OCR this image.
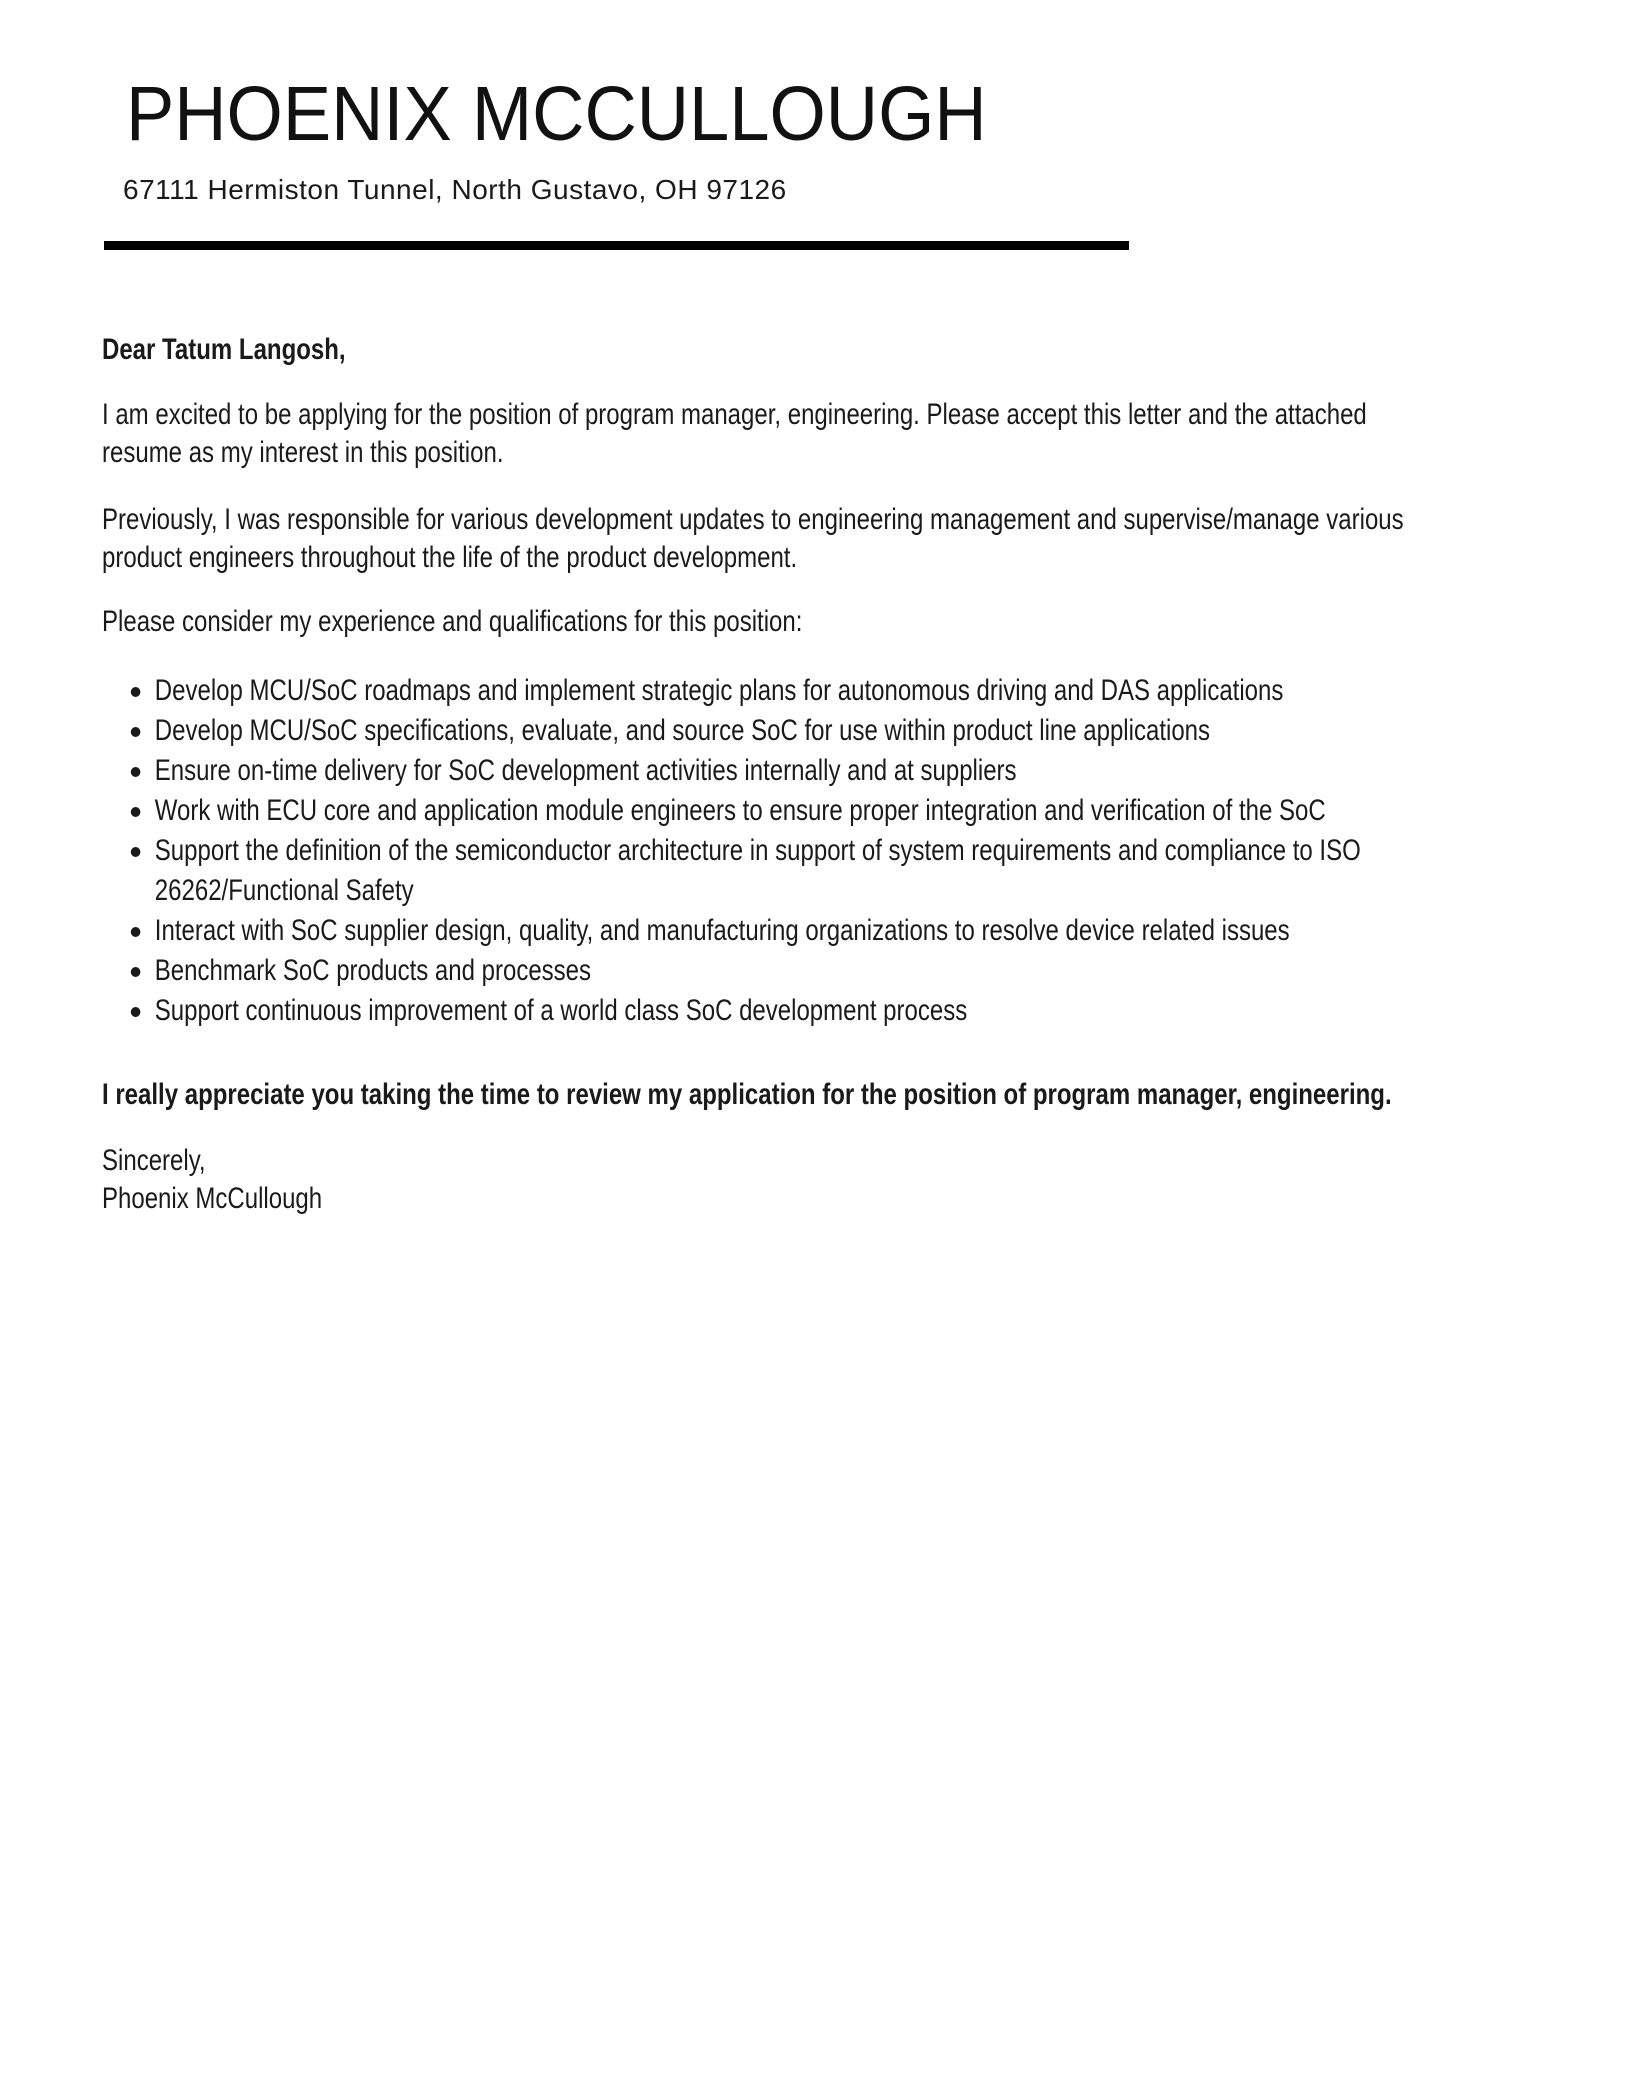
PHOENIX MCCULLOUGH
67111 Hermiston Tunnel, North Gustavo, OH 97126
Dear Tatum Langosh,
I am excited to be applying for the position of program manager, engineering. Please accept this letter and the attached
resume as my interest in this position.
Previously, I was responsible for various development updates to engineering management and supervise/manage various
product engineers throughout the life of the product development.
Please consider my experience and qualifications for this position:
Develop MCU/SoC roadmaps and implement strategic plans for autonomous driving and DAS applications
Develop MCU/SoC specifications, evaluate, and source SoC for use within product line applications
Ensure on-time delivery for SoC development activities internally and at suppliers
Work with ECU core and application module engineers to ensure proper integration and verification of the SoC
Support the definition of the semiconductor architecture in support of system requirements and compliance to ISO
26262/Functional Safety
Interact with SoC supplier design, quality, and manufacturing organizations to resolve device related issues
Benchmark SoC products and processes
Support continuous improvement of a world class SoC development process
I really appreciate you taking the time to review my application for the position of program manager, engineering.
Sincerely,
Phoenix McCullough
